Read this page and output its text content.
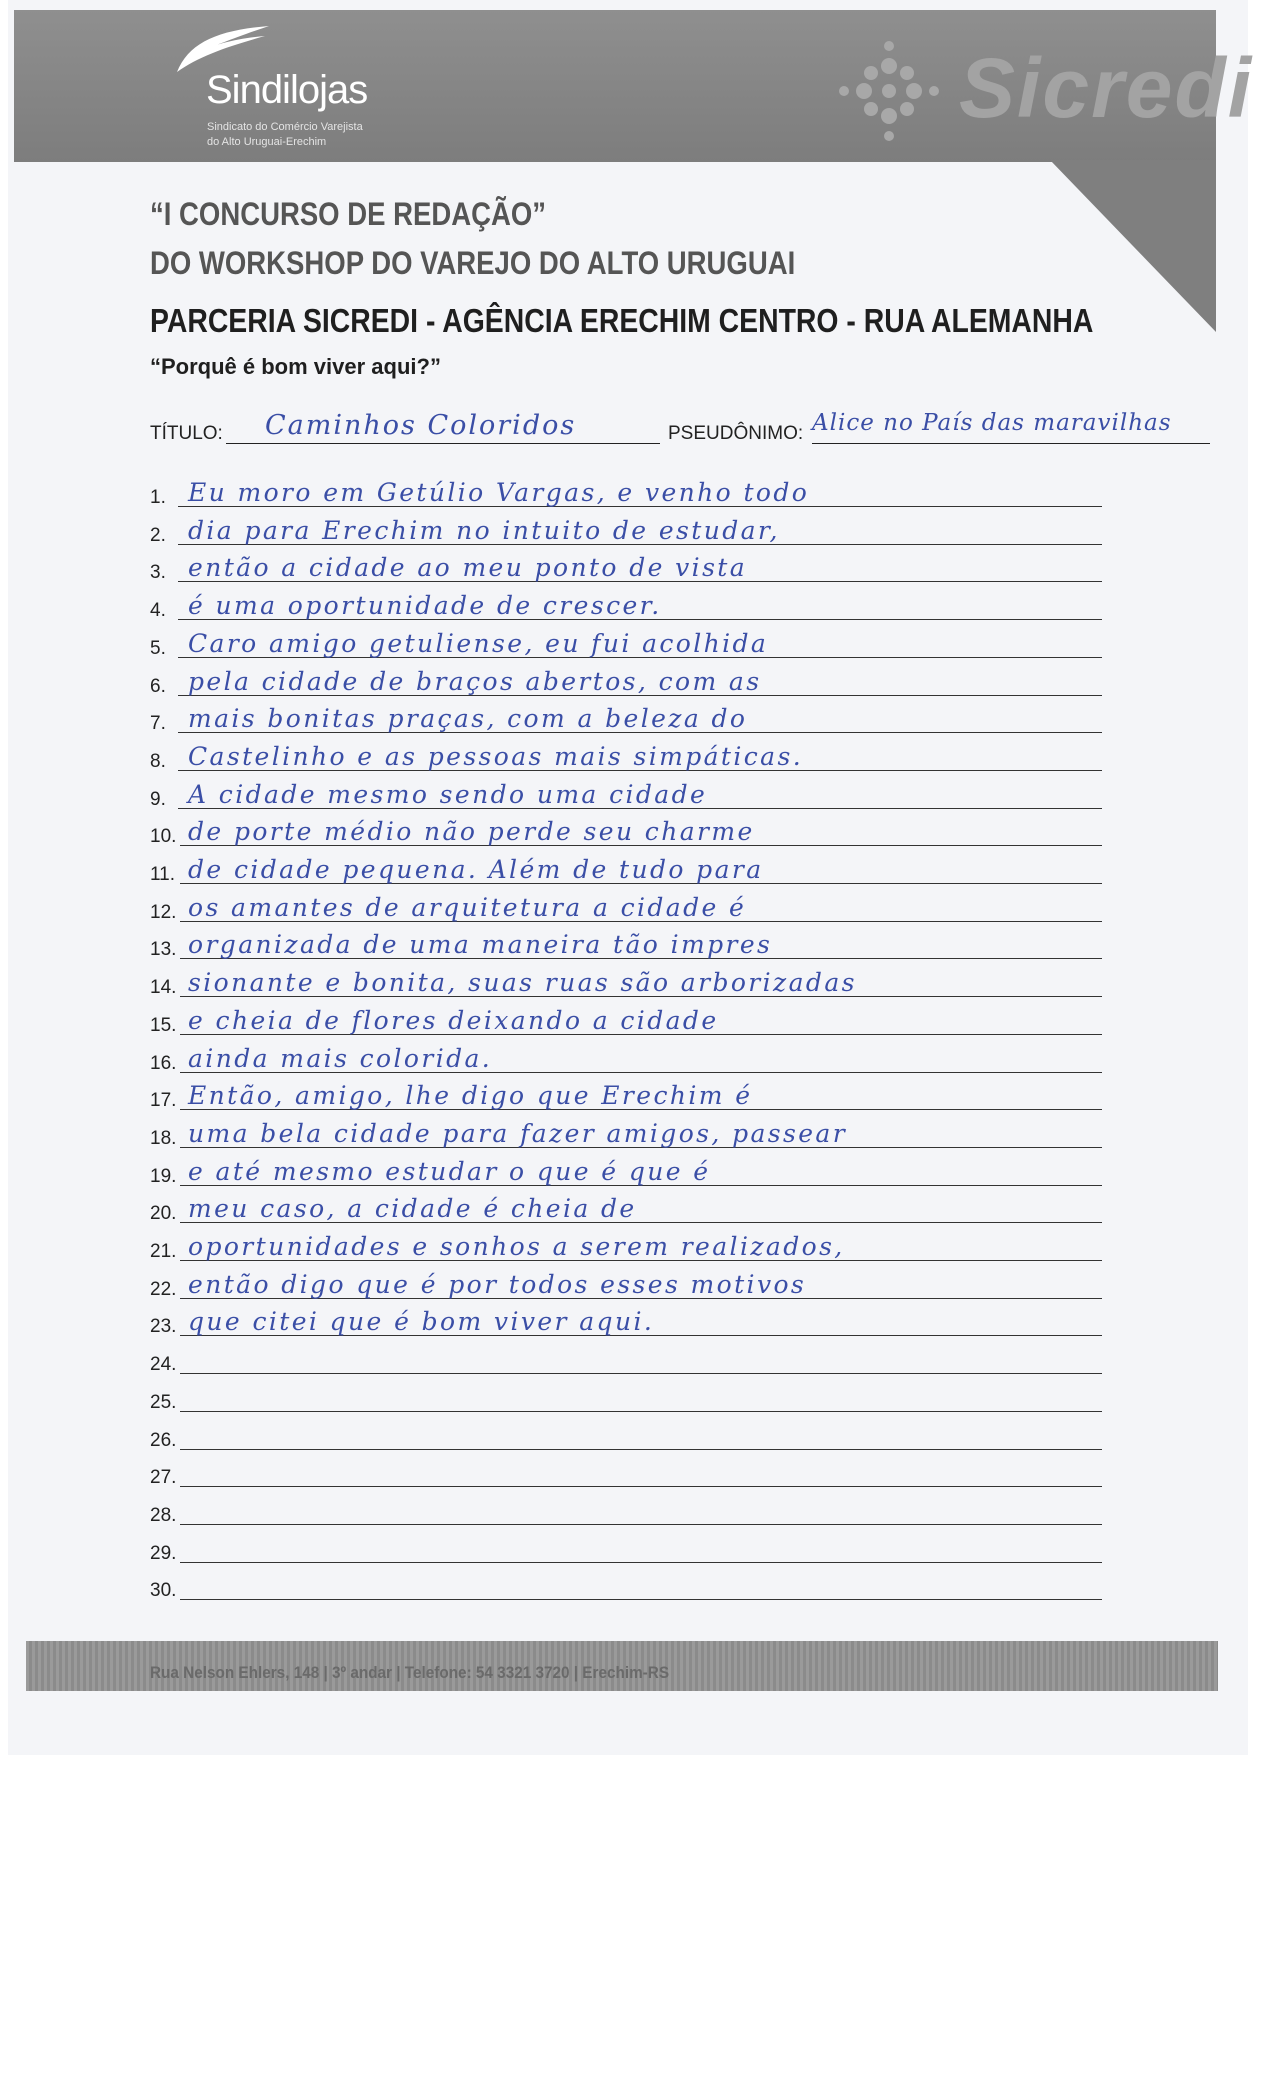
Sindilojas
Sindicato do Comércio Varejista
do Alto Uruguai-Erechim
Sicredi
“I CONCURSO DE REDAÇÃO”
DO WORKSHOP DO VAREJO DO ALTO URUGUAI
PARCERIA SICREDI - AGÊNCIA ERECHIM CENTRO - RUA ALEMANHA
“Porquê é bom viver aqui?”
TÍTULO: Caminhos Coloridos	PSEUDÔNIMO: Alice no País das maravilhas
1. Eu moro em Getúlio Vargas, e venho todo
2. dia para Erechim no intuito de estudar,
3. então a cidade ao meu ponto de vista
4. é uma oportunidade de crescer.
5. Caro amigo getuliense, eu fui acolhida
6. pela cidade de braços abertos, com as
7. mais bonitas praças, com a beleza do
8. Castelinho e as pessoas mais simpáticas.
9. A cidade mesmo sendo uma cidade
10. de porte médio não perde seu charme
11. de cidade pequena. Além de tudo para
12. os amantes de arquitetura a cidade é
13. organizada de uma maneira tão impres
14. sionante e bonita, suas ruas são arborizadas
15. e cheia de flores deixando a cidade
16. ainda mais colorida.
17. Então, amigo, lhe digo que Erechim é
18. uma bela cidade para fazer amigos, passear
19. e até mesmo estudar o que é que é
20. meu caso, a cidade é cheia de
21. oportunidades e sonhos a serem realizados,
22. então digo que é por todos esses motivos
23. que citei que é bom viver aqui.
24.
25.
26.
27.
28.
29.
30.
Rua Nelson Ehlers, 148 | 3º andar | Telefone: 54 3321 3720 | Erechim-RS
